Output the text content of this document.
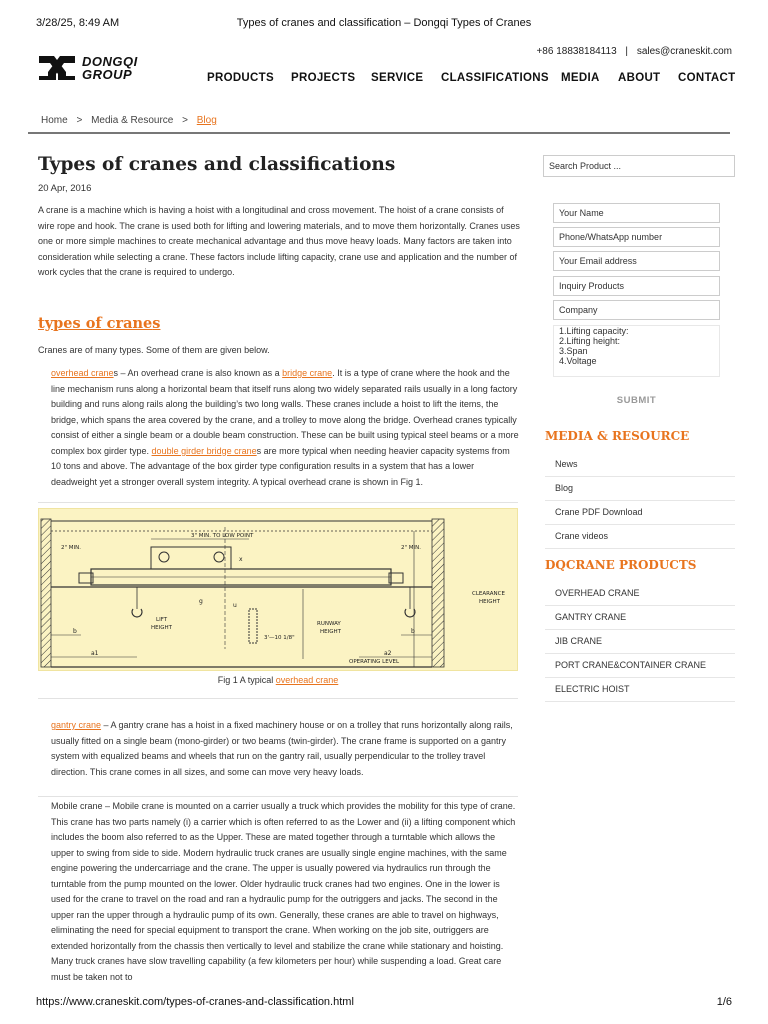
3/28/25, 8:49 AM	Types of cranes and classification – Dongqi Types of Cranes
+86 18838184113 | sales@craneskit.com
DONGQI
GROUP	PRODUCTS	PROJECTS	SERVICE	CLASSIFICATIONS	MEDIA	ABOUT	CONTACT
Home > Media & Resource > Blog
Types of cranes and classifications
20 Apr, 2016

A crane is a machine which is having a hoist with a longitudinal and cross movement. The hoist of a crane consists of wire rope and hook. The crane is used both for lifting and lowering materials, and to move them horizontally. Cranes uses one or more simple machines to create mechanical advantage and thus move heavy loads. Many factors are taken into consideration while selecting a crane. These factors include lifting capacity, crane use and application and the number of work cycles that the crane is required to undergo.

types of cranes

Cranes are of many types. Some of them are given below.

overhead cranes – An overhead crane is also known as a bridge crane. It is a type of crane where the hook and the line mechanism runs along a horizontal beam that itself runs along two widely separated rails usually in a long factory building and runs along rails along the building’s two long walls. These cranes include a hoist to lift the items, the bridge, which spans the area covered by the crane, and a trolley to move along the bridge. Overhead cranes typically consist of either a single beam or a double beam construction. These can be built using typical steel beams or a more complex box girder type. double girder bridge cranes are more typical when needing heavier capacity systems from 10 tons and above. The advantage of the box girder type configuration results in a system that has a lower deadweight yet a stronger overall system integrity. A typical overhead crane is shown in Fig 1.

3" MIN. TO LOW POINT
2" MIN.	2" MIN.
CLEARANCE
HEIGHT
LIFT
HEIGHT
RUNWAY
HEIGHT
3'—10 1/8"
OPERATING LEVEL
b	b
a1	a2
g
u
x
Fig 1 A typical overhead crane

gantry crane – A gantry crane has a hoist in a fixed machinery house or on a trolley that runs horizontally along rails, usually fitted on a single beam (mono-girder) or two beams (twin-girder). The crane frame is supported on a gantry system with equalized beams and wheels that run on the gantry rail, usually perpendicular to the trolley travel direction. This crane comes in all sizes, and some can move very heavy loads.

Mobile crane – Mobile crane is mounted on a carrier usually a truck which provides the mobility for this type of crane. This crane has two parts namely (i) a carrier which is often referred to as the Lower and (ii) a lifting component which includes the boom also referred to as the Upper. These are mated together through a turntable which allows the upper to swing from side to side. Modern hydraulic truck cranes are usually single engine machines, with the same engine powering the undercarriage and the crane. The upper is usually powered via hydraulics run through the turntable from the pump mounted on the lower. Older hydraulic truck cranes had two engines. One in the lower is used for the crane to travel on the road and ran a hydraulic pump for the outriggers and jacks. The second in the upper ran the upper through a hydraulic pump of its own. Generally, these cranes are able to travel on highways, eliminating the need for special equipment to transport the crane. When working on the job site, outriggers are extended horizontally from the chassis then vertically to level and stabilize the crane while stationary and hoisting. Many truck cranes have slow travelling capability (a few kilometers per hour) while suspending a load. Great care must be taken not to

Search Product ...
Your Name
Phone/WhatsApp number
Your Email address
Inquiry Products
Company
1.Lifting capacity:
2.Lifting height:
3.Span
4.Voltage
SUBMIT
MEDIA & RESOURCE
News
Blog
Crane PDF Download
Crane videos
DQCRANE PRODUCTS
OVERHEAD CRANE
GANTRY CRANE
JIB CRANE
PORT CRANE&CONTAINER CRANE
ELECTRIC HOIST
https://www.craneskit.com/types-of-cranes-and-classification.html	1/6
